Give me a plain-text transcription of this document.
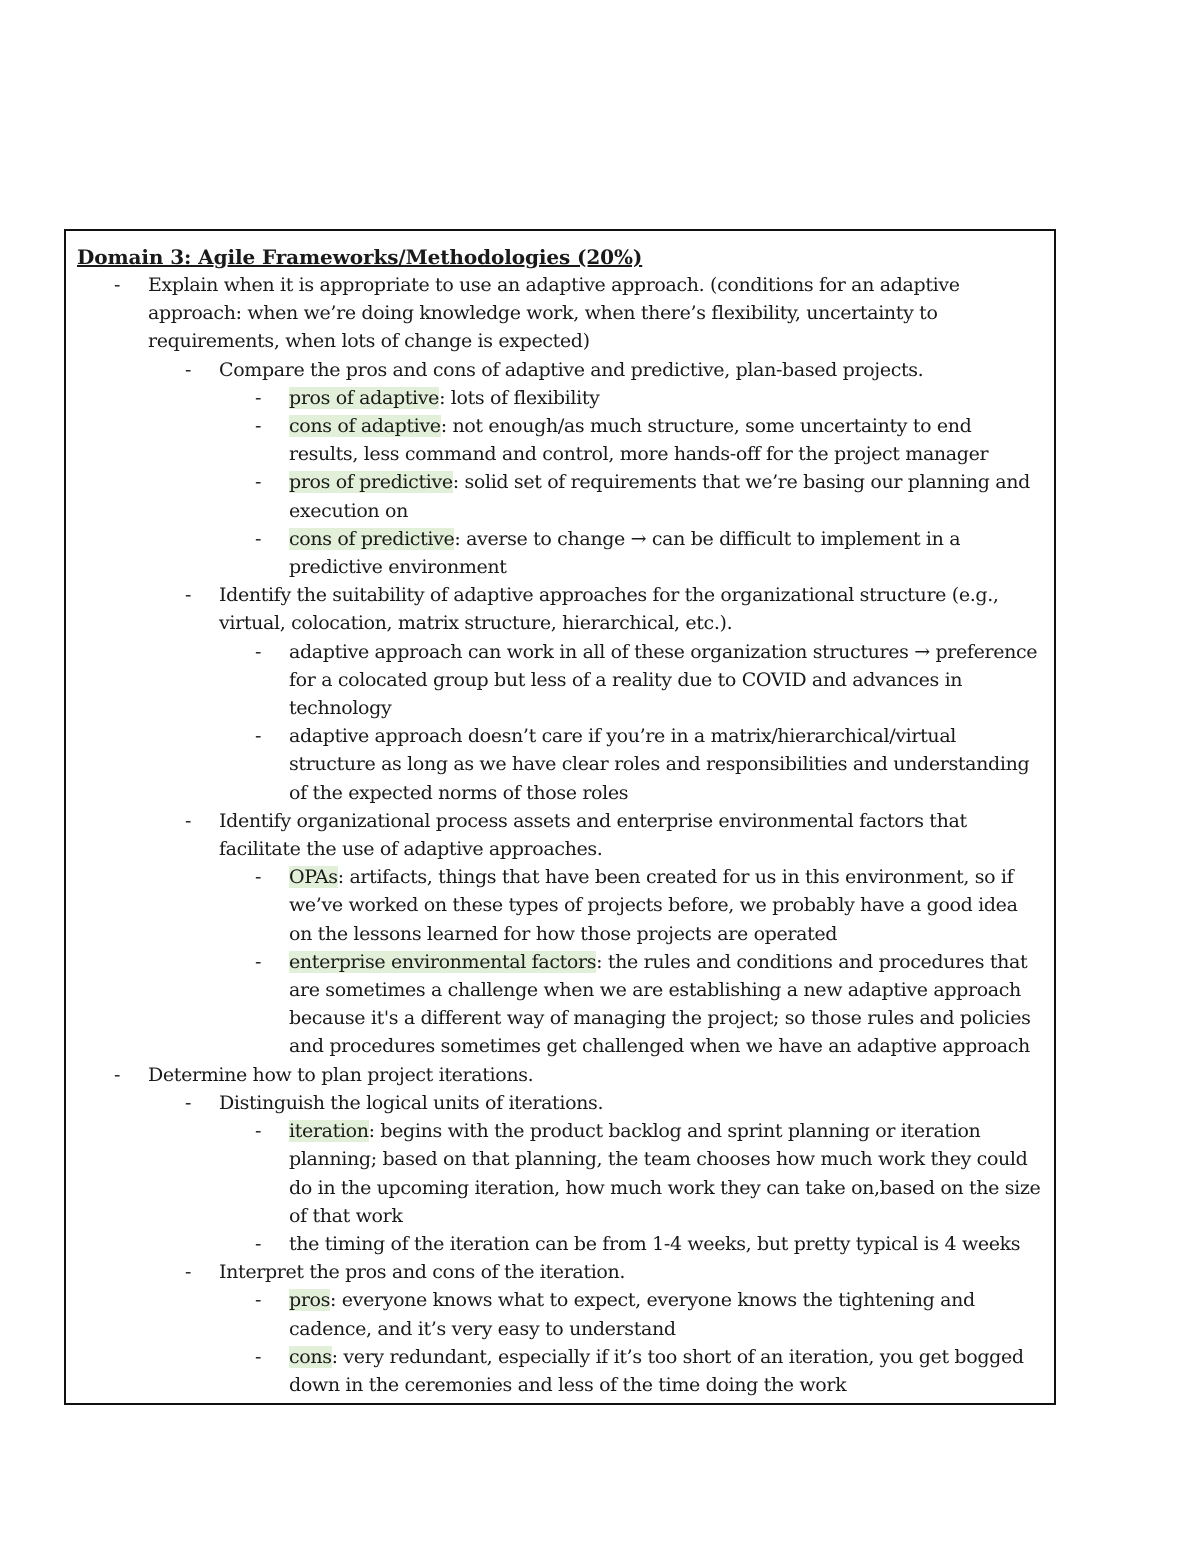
Domain 3: Agile Frameworks/Methodologies (20%)

- Explain when it is appropriate to use an adaptive approach. (conditions for an adaptive approach: when we’re doing knowledge work, when there’s flexibility, uncertainty to requirements, when lots of change is expected)
- Compare the pros and cons of adaptive and predictive, plan-based projects.
- pros of adaptive: lots of flexibility
- cons of adaptive: not enough/as much structure, some uncertainty to end results, less command and control, more hands-off for the project manager
- pros of predictive: solid set of requirements that we’re basing our planning and execution on
- cons of predictive: averse to change → can be difficult to implement in a predictive environment
- Identify the suitability of adaptive approaches for the organizational structure (e.g., virtual, colocation, matrix structure, hierarchical, etc.).
- adaptive approach can work in all of these organization structures → preference for a colocated group but less of a reality due to COVID and advances in technology
- adaptive approach doesn’t care if you’re in a matrix/hierarchical/virtual structure as long as we have clear roles and responsibilities and understanding of the expected norms of those roles
- Identify organizational process assets and enterprise environmental factors that facilitate the use of adaptive approaches.
- OPAs: artifacts, things that have been created for us in this environment, so if we’ve worked on these types of projects before, we probably have a good idea on the lessons learned for how those projects are operated
- enterprise environmental factors: the rules and conditions and procedures that are sometimes a challenge when we are establishing a new adaptive approach because it's a different way of managing the project; so those rules and policies and procedures sometimes get challenged when we have an adaptive approach
- Determine how to plan project iterations.
- Distinguish the logical units of iterations.
- iteration: begins with the product backlog and sprint planning or iteration planning; based on that planning, the team chooses how much work they could do in the upcoming iteration, how much work they can take on,based on the size of that work
- the timing of the iteration can be from 1-4 weeks, but pretty typical is 4 weeks
- Interpret the pros and cons of the iteration.
- pros: everyone knows what to expect, everyone knows the tightening and cadence, and it’s very easy to understand
- cons: very redundant, especially if it’s too short of an iteration, you get bogged down in the ceremonies and less of the time doing the work
